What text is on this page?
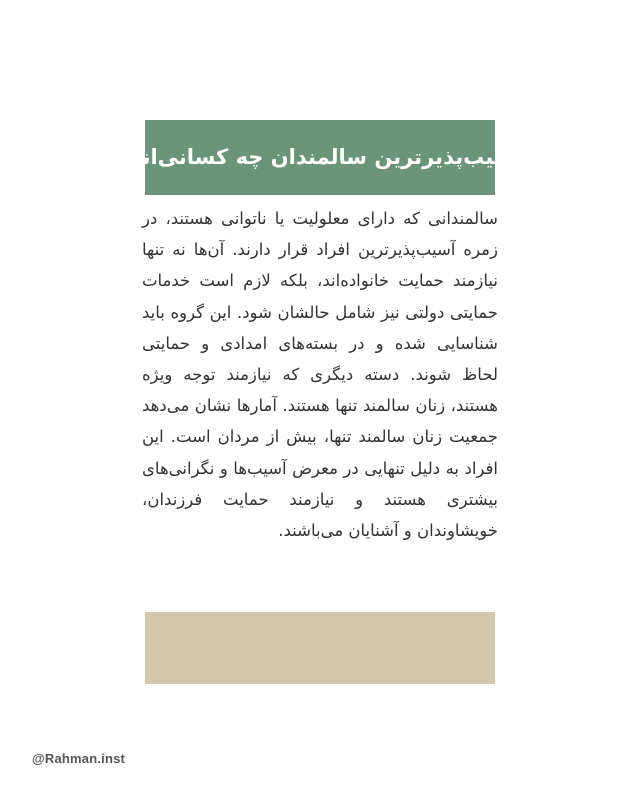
آسیب‌پذیرترین سالمندان چه کسانی‌اند؟
سالمندانی که دارای معلولیت یا ناتوانی هستند، در زمره آسیب‌پذیرترین افراد قرار دارند. آن‌ها نه تنها نیازمند حمایت خانواده‌اند، بلکه لازم است خدمات حمایتی دولتی نیز شامل حالشان شود. این گروه باید شناسایی شده و در بسته‌های امدادی و حمایتی لحاظ شوند. دسته دیگری که نیازمند توجه ویژه هستند، زنان سالمند تنها هستند. آمارها نشان می‌دهد جمعیت زنان سالمند تنها، بیش از مردان است. این افراد به دلیل تنهایی در معرض آسیب‌ها و نگرانی‌های بیشتری هستند و نیازمند حمایت فرزندان، خویشاوندان و آشنایان می‌باشند.
@Rahman.inst
